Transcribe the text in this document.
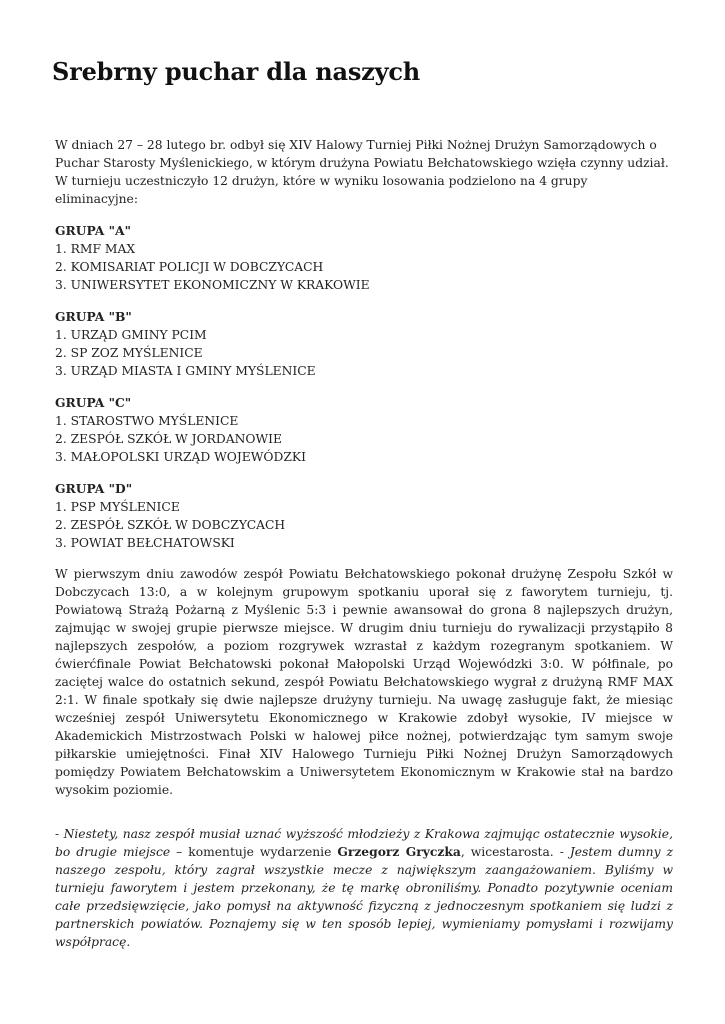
Srebrny puchar dla naszych

W dniach 27 – 28 lutego br. odbył się XIV Halowy Turniej Piłki Nożnej Drużyn Samorządowych o Puchar Starosty Myślenickiego, w którym drużyna Powiatu Bełchatowskiego wzięła czynny udział. W turnieju uczestniczyło 12 drużyn, które w wyniku losowania podzielono na 4 grupy eliminacyjne:

GRUPA "A"
1. RMF MAX
2. KOMISARIAT POLICJI W DOBCZYCACH
3. UNIWERSYTET EKONOMICZNY W KRAKOWIE
GRUPA "B"
1. URZĄD GMINY PCIM
2. SP ZOZ MYŚLENICE
3. URZĄD MIASTA I GMINY MYŚLENICE
GRUPA "C"
1. STAROSTWO MYŚLENICE
2. ZESPÓŁ SZKÓŁ W JORDANOWIE
3. MAŁOPOLSKI URZĄD WOJEWÓDZKI
GRUPA "D"
1. PSP MYŚLENICE
2. ZESPÓŁ SZKÓŁ W DOBCZYCACH
3. POWIAT BEŁCHATOWSKI

W pierwszym dniu zawodów zespół Powiatu Bełchatowskiego pokonał drużynę Zespołu Szkół w Dobczycach 13:0, a w kolejnym grupowym spotkaniu uporał się z faworytem turnieju, tj. Powiatową Strażą Pożarną z Myślenic 5:3 i pewnie awansował do grona 8 najlepszych drużyn, zajmując w swojej grupie pierwsze miejsce. W drugim dniu turnieju do rywalizacji przystąpiło 8 najlepszych zespołów, a poziom rozgrywek wzrastał z każdym rozegranym spotkaniem. W ćwierćfinale Powiat Bełchatowski pokonał Małopolski Urząd Wojewódzki 3:0. W półfinale, po zaciętej walce do ostatnich sekund, zespół Powiatu Bełchatowskiego wygrał z drużyną RMF MAX 2:1. W finale spotkały się dwie najlepsze drużyny turnieju. Na uwagę zasługuje fakt, że miesiąc wcześniej zespół Uniwersytetu Ekonomicznego w Krakowie zdobył wysokie, IV miejsce w Akademickich Mistrzostwach Polski w halowej piłce nożnej, potwierdzając tym samym swoje piłkarskie umiejętności. Finał XIV Halowego Turnieju Piłki Nożnej Drużyn Samorządowych pomiędzy Powiatem Bełchatowskim a Uniwersytetem Ekonomicznym w Krakowie stał na bardzo wysokim poziomie.

- Niestety, nasz zespół musiał uznać wyższość młodzieży z Krakowa zajmując ostatecznie wysokie, bo drugie miejsce – komentuje wydarzenie Grzegorz Gryczka, wicestarosta. - Jestem dumny z naszego zespołu, który zagrał wszystkie mecze z największym zaangażowaniem. Byliśmy w turnieju faworytem i jestem przekonany, że tę markę obroniliśmy. Ponadto pozytywnie oceniam całe przedsięwzięcie, jako pomysł na aktywność fizyczną z jednoczesnym spotkaniem się ludzi z partnerskich powiatów. Poznajemy się w ten sposób lepiej, wymieniamy pomysłami i rozwijamy współpracę.
